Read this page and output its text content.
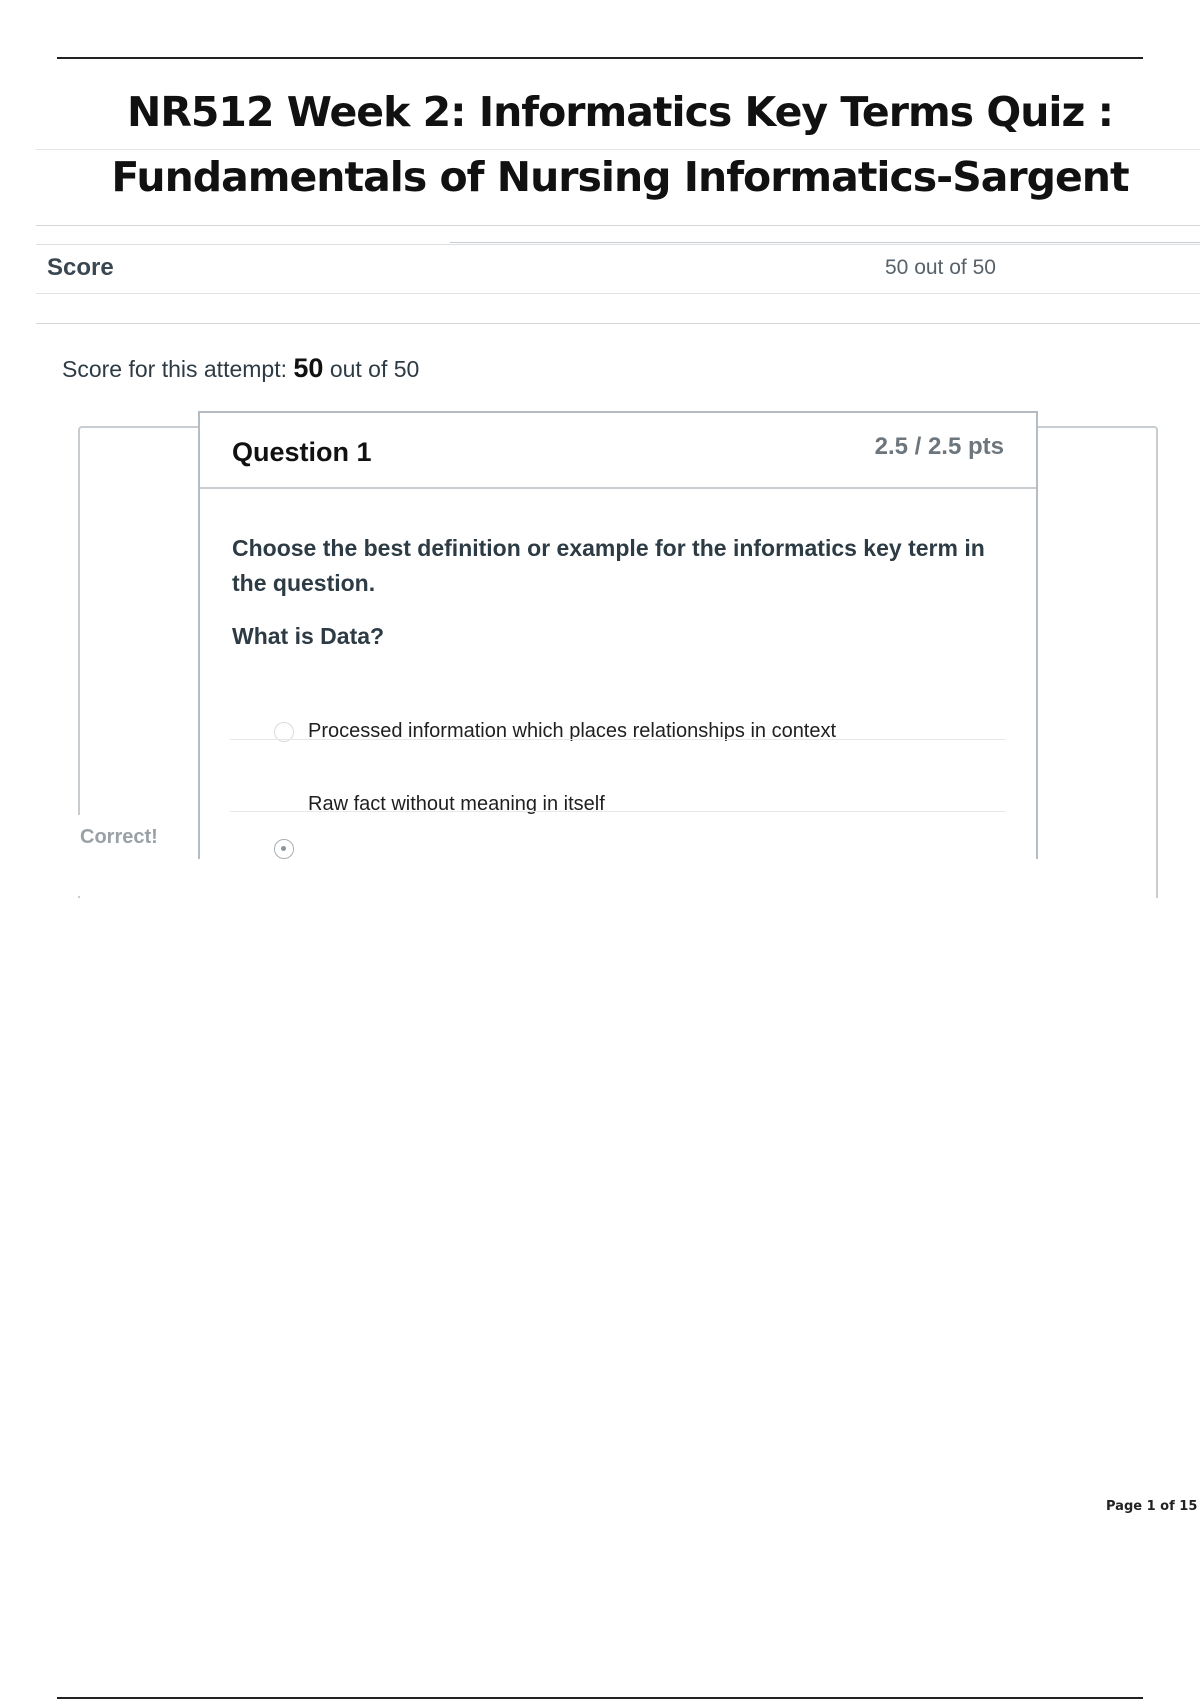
NR512 Week 2: Informatics Key Terms Quiz :
Fundamentals of Nursing Informatics-Sargent
Score	50 out of 50
Score for this attempt: 50 out of 50
Correct!
Question 1	2.5 / 2.5 pts
Choose the best definition or example for the informatics key term in the question.
What is Data?
Processed information which places relationships in context
Raw fact without meaning in itself
Page 1 of 15
